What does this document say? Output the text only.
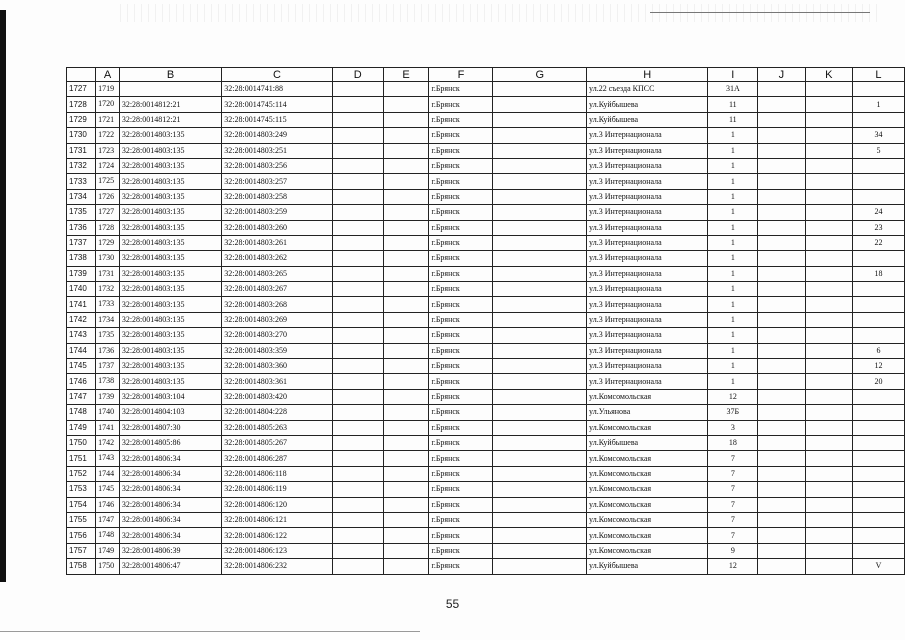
	A	B	C	D	E	F	G	H	I	J	K	L
1727	1719		32:28:0014741:88			г.Брянск		ул.22 съезда КПСС	31А			
1728	1720	32:28:0014812:21	32:28:0014745:114			г.Брянск		ул.Куйбышева	11			1
1729	1721	32:28:0014812:21	32:28:0014745:115			г.Брянск		ул.Куйбышева	11			
1730	1722	32:28:0014803:135	32:28:0014803:249			г.Брянск		ул.3 Интернационала	1			34
1731	1723	32:28:0014803:135	32:28:0014803:251			г.Брянск		ул.3 Интернационала	1			5
1732	1724	32:28:0014803:135	32:28:0014803:256			г.Брянск		ул.3 Интернационала	1			
1733	1725	32:28:0014803:135	32:28:0014803:257			г.Брянск		ул.3 Интернационала	1			
1734	1726	32:28:0014803:135	32:28:0014803:258			г.Брянск		ул.3 Интернационала	1			
1735	1727	32:28:0014803:135	32:28:0014803:259			г.Брянск		ул.3 Интернационала	1			24
1736	1728	32:28:0014803:135	32:28:0014803:260			г.Брянск		ул.3 Интернационала	1			23
1737	1729	32:28:0014803:135	32:28:0014803:261			г.Брянск		ул.3 Интернационала	1			22
1738	1730	32:28:0014803:135	32:28:0014803:262			г.Брянск		ул.3 Интернационала	1			
1739	1731	32:28:0014803:135	32:28:0014803:265			г.Брянск		ул.3 Интернационала	1			18
1740	1732	32:28:0014803:135	32:28:0014803:267			г.Брянск		ул.3 Интернационала	1			
1741	1733	32:28:0014803:135	32:28:0014803:268			г.Брянск		ул.3 Интернационала	1			
1742	1734	32:28:0014803:135	32:28:0014803:269			г.Брянск		ул.3 Интернационала	1			
1743	1735	32:28:0014803:135	32:28:0014803:270			г.Брянск		ул.3 Интернационала	1			
1744	1736	32:28:0014803:135	32:28:0014803:359			г.Брянск		ул.3 Интернационала	1			6
1745	1737	32:28:0014803:135	32:28:0014803:360			г.Брянск		ул.3 Интернационала	1			12
1746	1738	32:28:0014803:135	32:28:0014803:361			г.Брянск		ул.3 Интернационала	1			20
1747	1739	32:28:0014803:104	32:28:0014803:420			г.Брянск		ул.Комсомольская	12			
1748	1740	32:28:0014804:103	32:28:0014804:228			г.Брянск		ул.Ульянова	37Б			
1749	1741	32:28:0014807:30	32:28:0014805:263			г.Брянск		ул.Комсомольская	3			
1750	1742	32:28:0014805:86	32:28:0014805:267			г.Брянск		ул.Куйбышева	18			
1751	1743	32:28:0014806:34	32:28:0014806:287			г.Брянск		ул.Комсомольская	7			
1752	1744	32:28:0014806:34	32:28:0014806:118			г.Брянск		ул.Комсомольская	7			
1753	1745	32:28:0014806:34	32:28:0014806:119			г.Брянск		ул.Комсомольская	7			
1754	1746	32:28:0014806:34	32:28:0014806:120			г.Брянск		ул.Комсомольская	7			
1755	1747	32:28:0014806:34	32:28:0014806:121			г.Брянск		ул.Комсомольская	7			
1756	1748	32:28:0014806:34	32:28:0014806:122			г.Брянск		ул.Комсомольская	7			
1757	1749	32:28:0014806:39	32:28:0014806:123			г.Брянск		ул.Комсомольская	9			
1758	1750	32:28:0014806:47	32:28:0014806:232			г.Брянск		ул.Куйбышева	12			V
55
